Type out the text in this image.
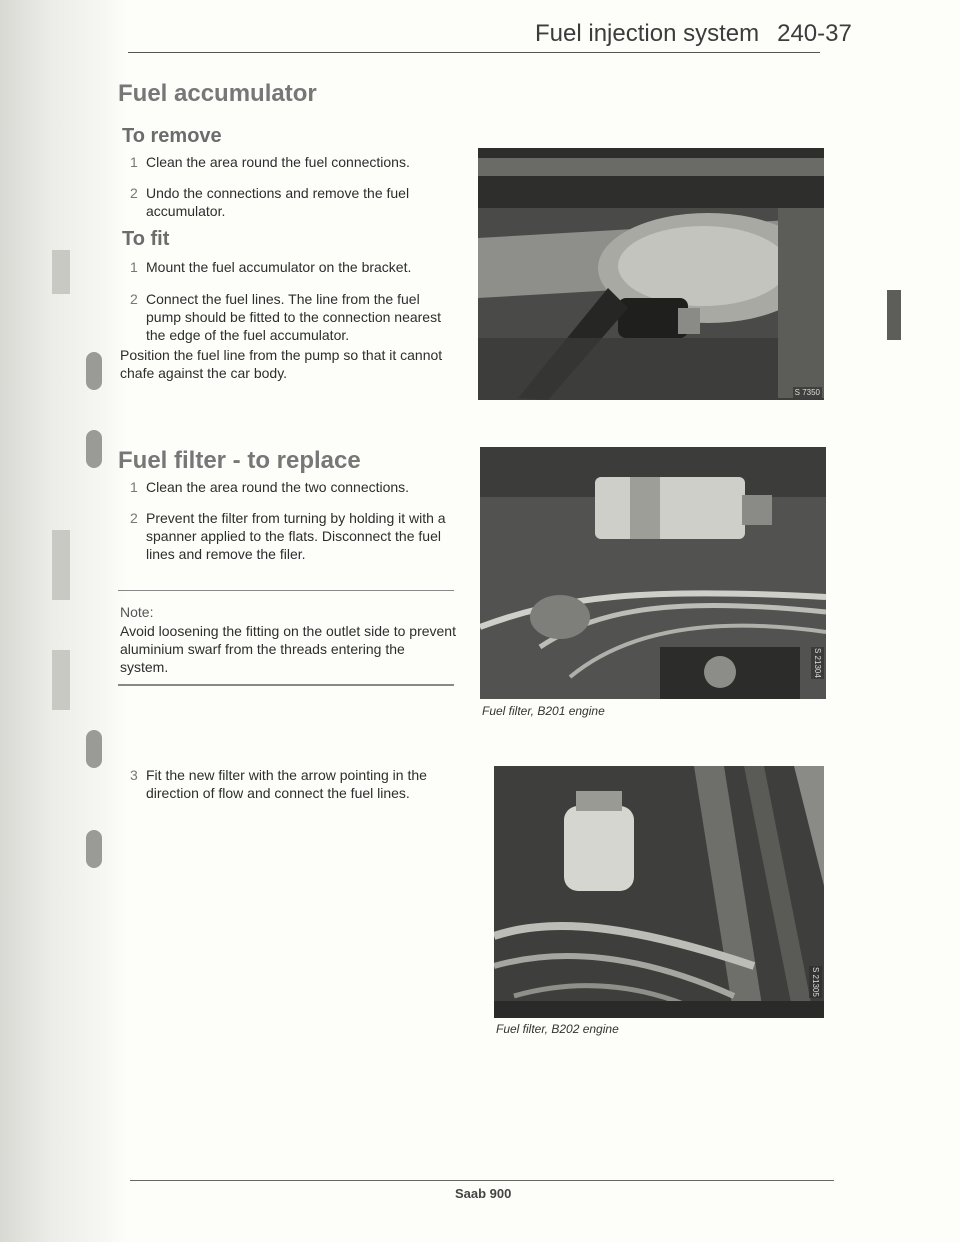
Fuel injection system 240-37
Fuel accumulator
To remove
1 Clean the area round the fuel connections.
2 Undo the connections and remove the fuel accumulator.
To fit
1 Mount the fuel accumulator on the bracket.
2 Connect the fuel lines. The line from the fuel pump should be fitted to the connection nearest the edge of the fuel accumulator.
Position the fuel line from the pump so that it cannot chafe against the car body.
Fuel filter - to replace
1 Clean the area round the two connections.
2 Prevent the filter from turning by holding it with a spanner applied to the flats. Disconnect the fuel lines and remove the filer.
Note:
Avoid loosening the fitting on the outlet side to prevent aluminium swarf from the threads entering the system.
3 Fit the new filter with the arrow pointing in the direction of flow and connect the fuel lines.
S 7350
S 21304
Fuel filter, B201 engine
S 21305
Fuel filter, B202 engine
Saab 900
